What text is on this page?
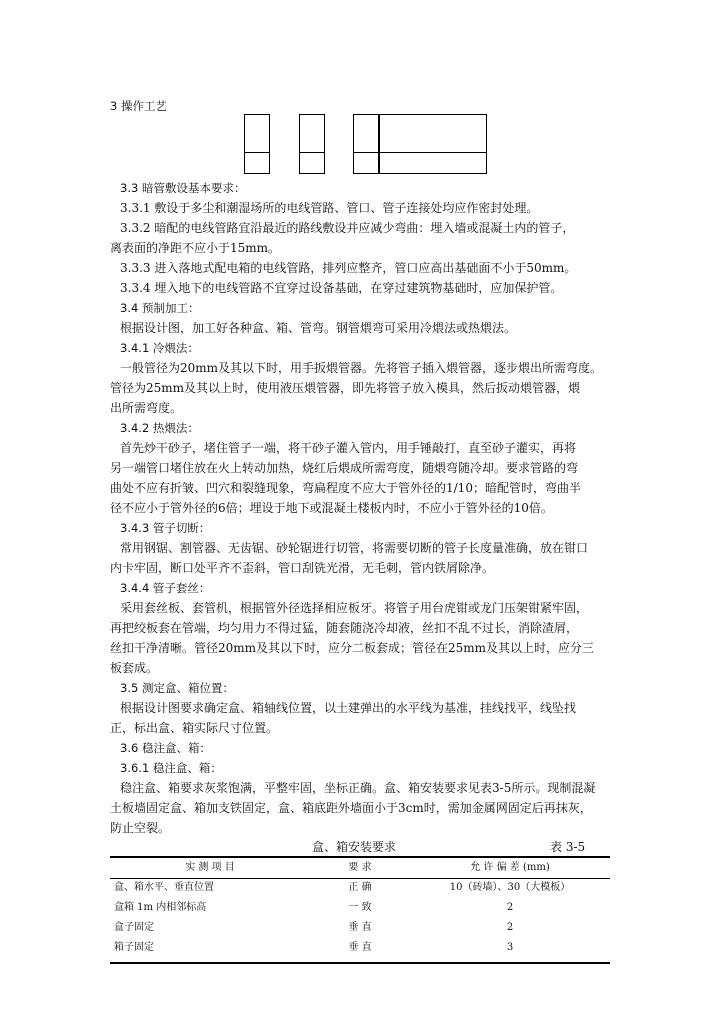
3 操作工艺
3.3 暗管敷设基本要求：
3.3.1 敷设于多尘和潮湿场所的电线管路、管口、管子连接处均应作密封处理。
3.3.2 暗配的电线管路宜沿最近的路线敷设并应减少弯曲：埋入墙或混凝土内的管子，
离表面的净距不应小于15mm。
3.3.3 进入落地式配电箱的电线管路，排列应整齐，管口应高出基础面不小于50mm。
3.3.4 埋入地下的电线管路不宜穿过设备基础，在穿过建筑物基础时，应加保护管。
3.4 预制加工：
根据设计图，加工好各种盒、箱、管弯。钢管煨弯可采用冷煨法或热煨法。
3.4.1 冷煨法：
一般管径为20mm及其以下时，用手扳煨管器。先将管子插入煨管器，逐步煨出所需弯度。
管径为25mm及其以上时，使用液压煨管器，即先将管子放入模具，然后扳动煨管器，煨
出所需弯度。
3.4.2 热煨法：
首先炒干砂子，堵住管子一端，将干砂子灌入管内，用手锤敲打，直至砂子灌实，再将
另一端管口堵住放在火上转动加热，烧红后煨成所需弯度，随煨弯随冷却。要求管路的弯
曲处不应有折皱、凹穴和裂缝现象，弯扁程度不应大于管外径的1/10；暗配管时，弯曲半
径不应小于管外径的6倍；埋设于地下或混凝土楼板内时，不应小于管外径的10倍。
3.4.3 管子切断：
常用钢锯、割管器、无齿锯、砂轮锯进行切管，将需要切断的管子长度量准确，放在钳口
内卡牢固，断口处平齐不歪斜，管口刮铣光滑，无毛刺，管内铁屑除净。
3.4.4 管子套丝：
采用套丝板、套管机，根据管外径选择相应板牙。将管子用台虎钳或龙门压架钳紧牢固，
再把绞板套在管端，均匀用力不得过猛，随套随浇冷却液，丝扣不乱不过长，消除渣屑，
丝扣干净清晰。管径20mm及其以下时，应分二板套成；管径在25mm及其以上时，应分三
板套成。
3.5 测定盒、箱位置：
根据设计图要求确定盒、箱轴线位置，以土建弹出的水平线为基准，挂线找平，线坠找
正，标出盒、箱实际尺寸位置。
3.6 稳注盒、箱：
3.6.1 稳注盒、箱：
稳注盒、箱要求灰浆饱满，平整牢固，坐标正确。盒、箱安装要求见表3-5所示。现制混凝
土板墙固定盒、箱加支铁固定，盒、箱底距外墙面小于3cm时，需加金属网固定后再抹灰，
防止空裂。
盒、箱安装要求	表 3-5
实 测 项 目	要 求	允 许 偏 差 (mm)
盒、箱水平、垂直位置	正 确	10（砖墙）、30（大模板）
盒箱 1m 内相邻标高	一 致	2
盒子固定	垂 直	2
箱子固定	垂 直	3
